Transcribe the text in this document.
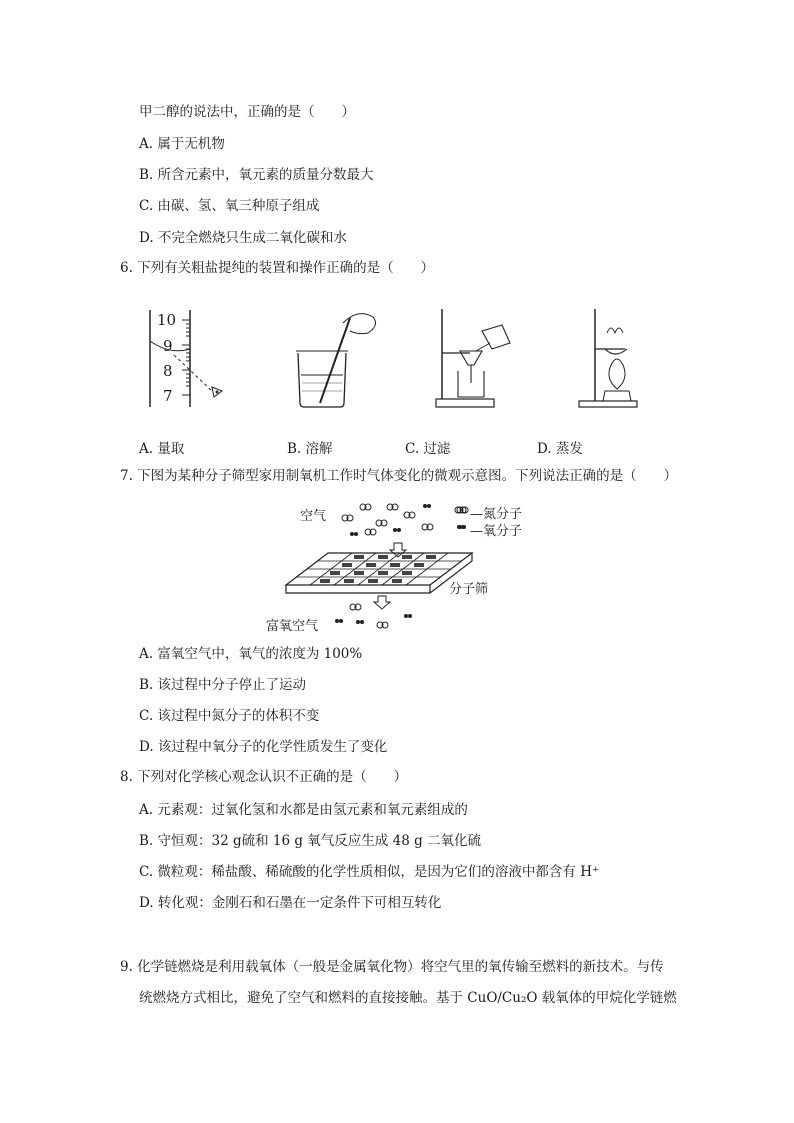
甲二醇的说法中，正确的是（　　）
A. 属于无机物
B. 所含元素中，氧元素的质量分数最大
C. 由碳、氢、氧三种原子组成
D. 不完全燃烧只生成二氧化碳和水
6. 下列有关粗盐提纯的装置和操作正确的是（　　）
10
9
8
7
A. 量取	B. 溶解	C. 过滤	D. 蒸发
7. 下图为某种分子筛型家用制氧机工作时气体变化的微观示意图。下列说法正确的是（　　）
空气	—氮分子
—氧分子
分子筛
富氧空气
A. 富氧空气中，氧气的浓度为 100%
B. 该过程中分子停止了运动
C. 该过程中氮分子的体积不变
D. 该过程中氧分子的化学性质发生了变化
8. 下列对化学核心观念认识不正确的是（　　）
A. 元素观：过氧化氢和水都是由氢元素和氧元素组成的
B. 守恒观：32 g硫和 16 g 氧气反应生成 48 g 二氧化硫
C. 微粒观：稀盐酸、稀硫酸的化学性质相似，是因为它们的溶液中都含有 H⁺
D. 转化观：金刚石和石墨在一定条件下可相互转化
9. 化学链燃烧是利用载氧体（一般是金属氧化物）将空气里的氧传输至燃料的新技术。与传
统燃烧方式相比，避免了空气和燃料的直接接触。基于 CuO/Cu₂O 载氧体的甲烷化学链燃
